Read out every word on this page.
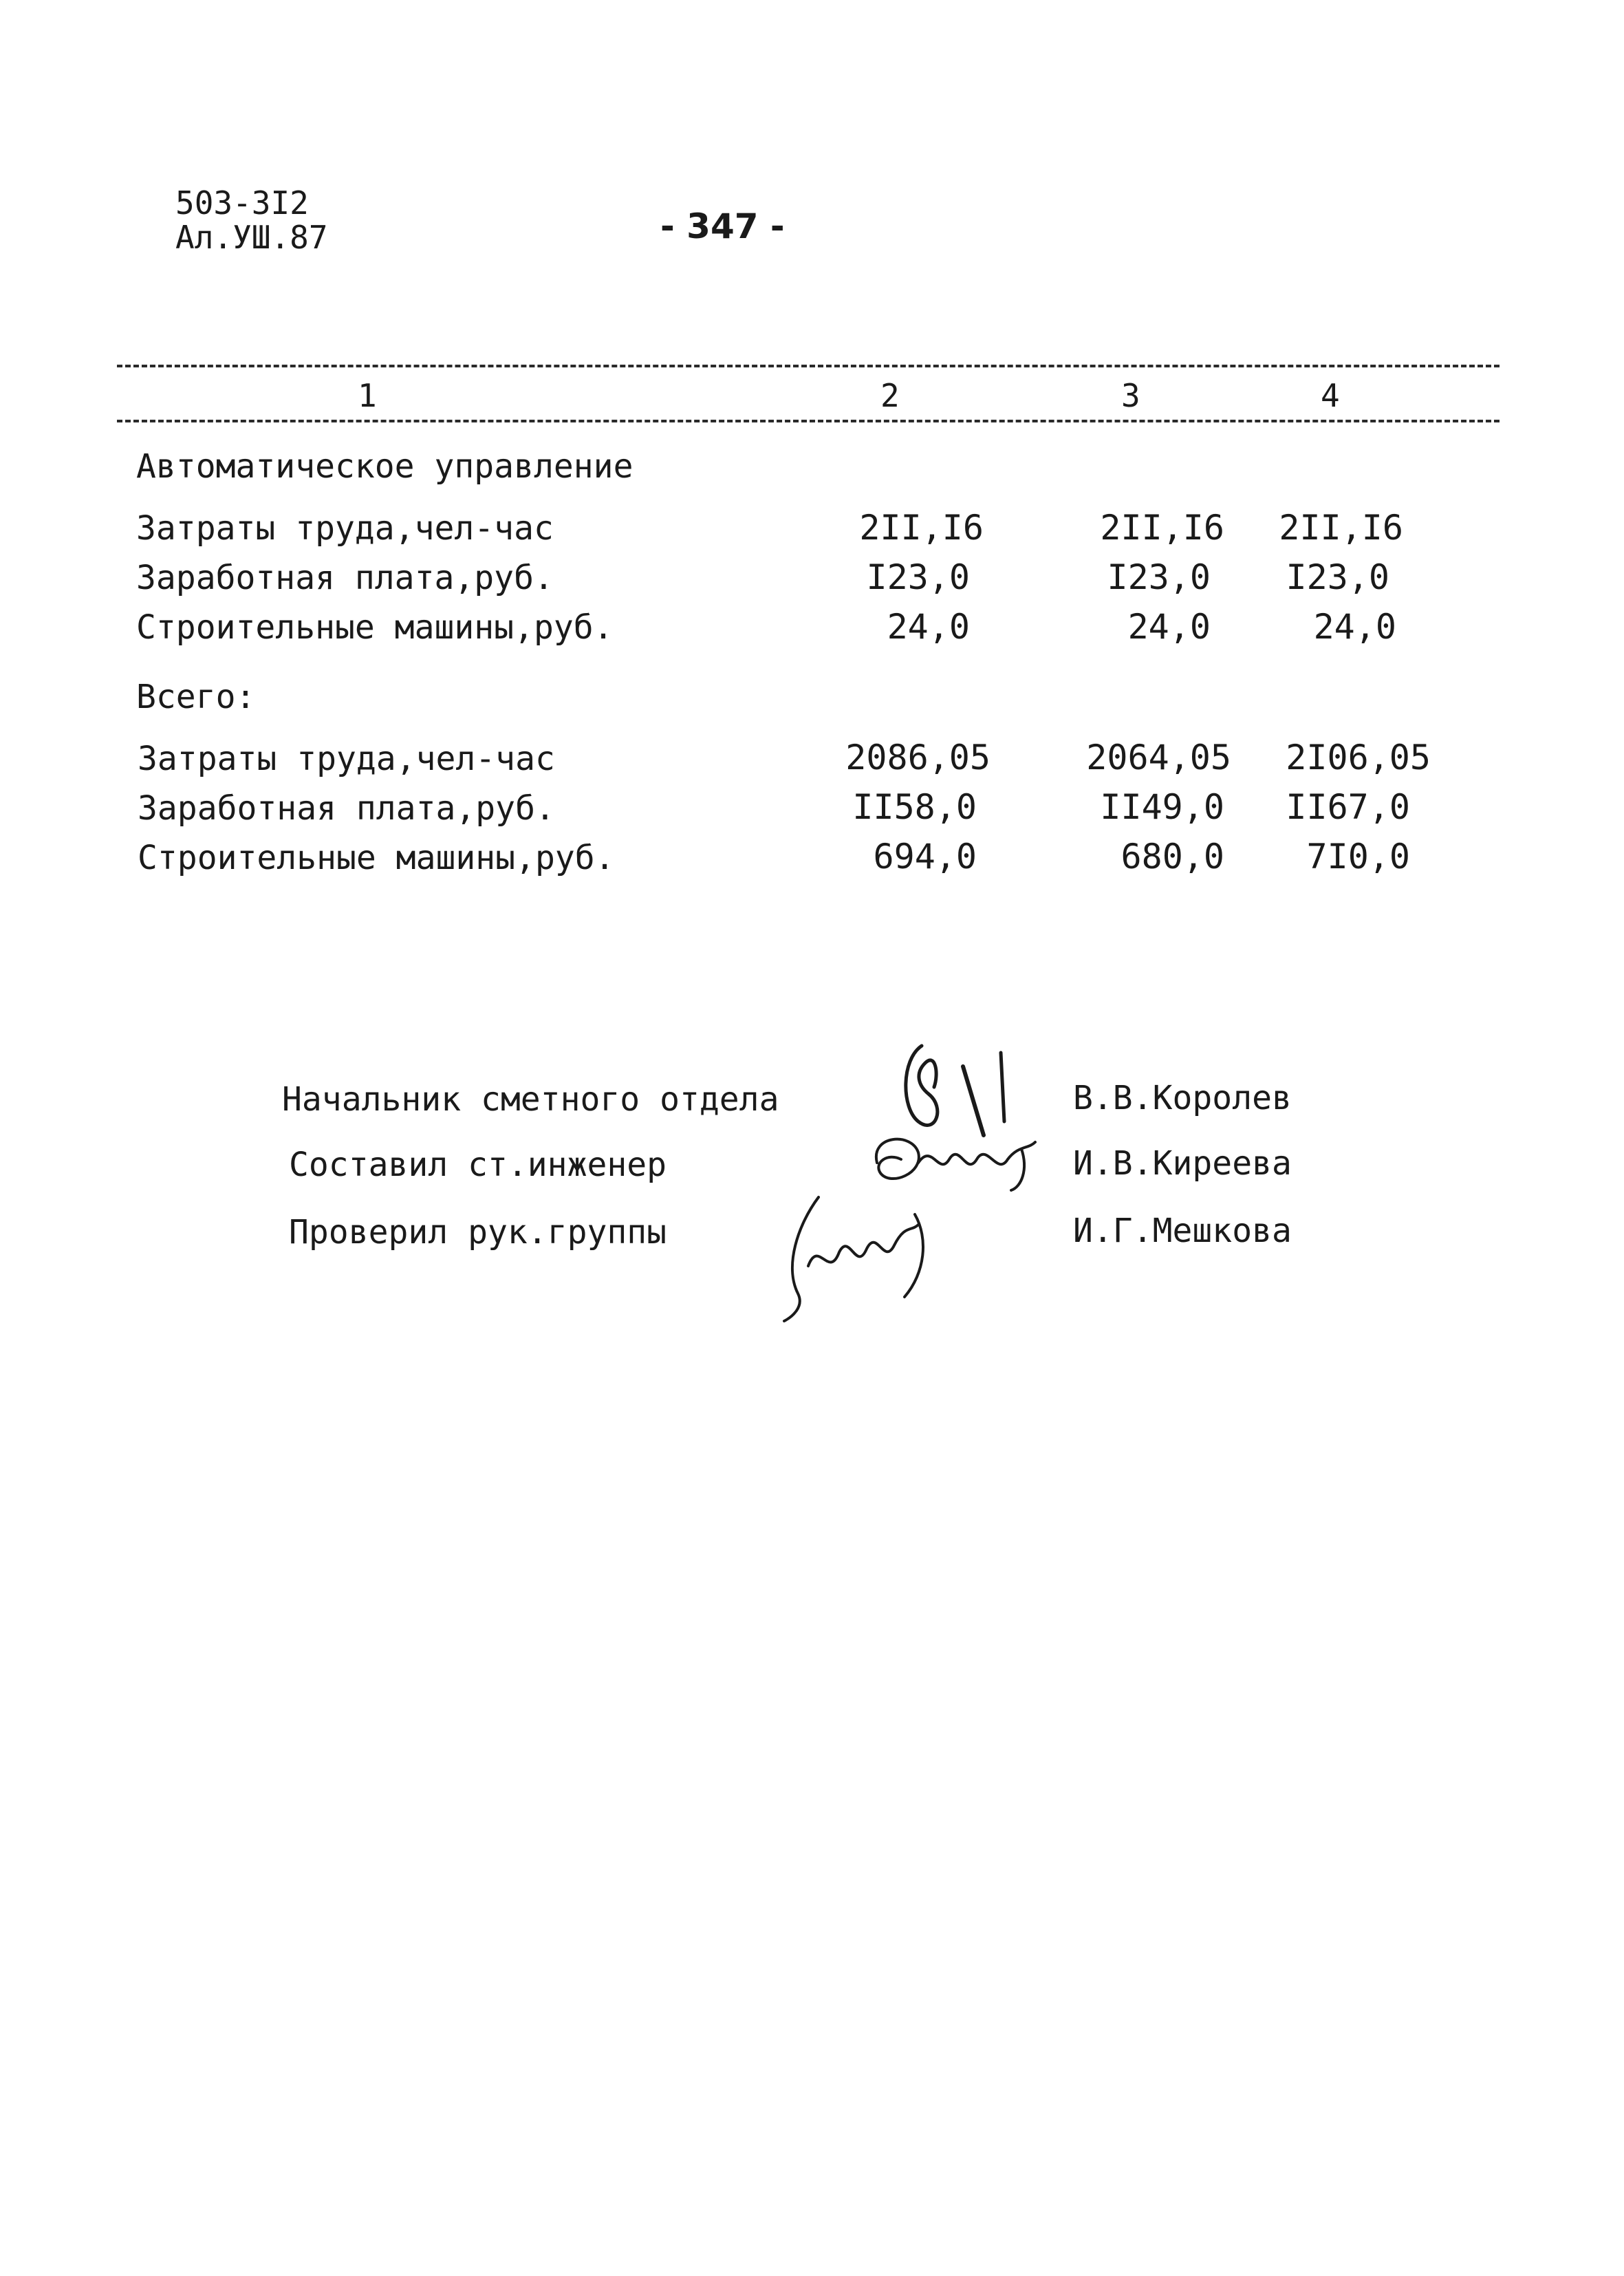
503-3I2
Ал.УШ.87	- 347 -
1	2	3	4
Автоматическое управление
Затраты труда,чел-час	2II,I6	2II,I6	2II,I6
Заработная плата,руб.	I23,0	I23,0	I23,0
Строительные машины,руб.	24,0	24,0	24,0
Всего:
Затраты труда,чел-час	2086,05	2064,05	2I06,05
Заработная плата,руб.	II58,0	II49,0	II67,0
Строительные машины,руб.	694,0	680,0	7I0,0
Начальник сметного отдела	В.В.Королев
Составил ст.инженер	И.В.Киреева
Проверил рук.группы	И.Г.Мешкова
